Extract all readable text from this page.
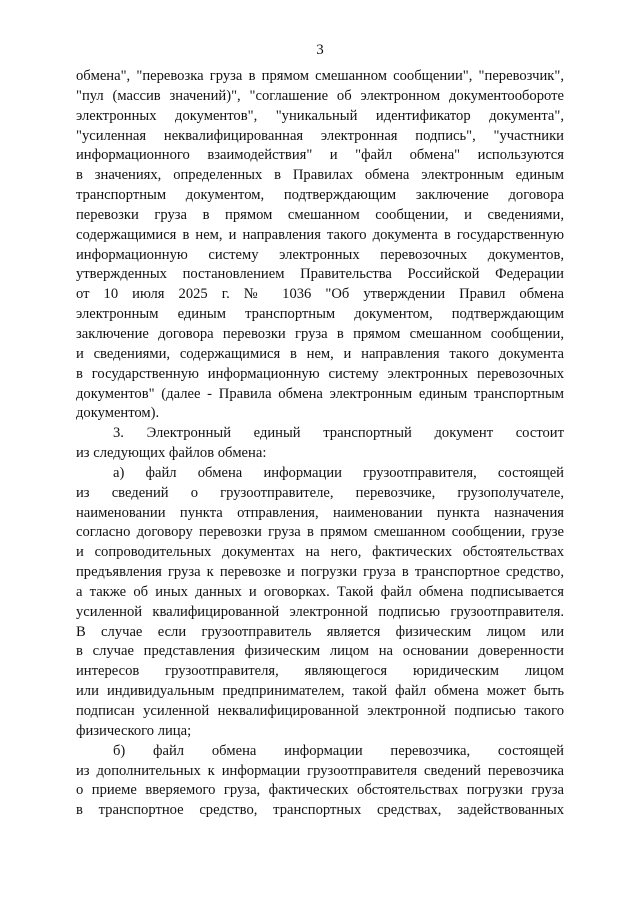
3
обмена", "перевозка груза в прямом смешанном сообщении", "перевозчик",
"пул (массив значений)", "соглашение об электронном документообороте
электронных документов", "уникальный идентификатор документа",
"усиленная неквалифицированная электронная подпись", "участники
информационного взаимодействия" и "файл обмена" используются
в значениях, определенных в Правилах обмена электронным единым
транспортным документом, подтверждающим заключение договора
перевозки груза в прямом смешанном сообщении, и сведениями,
содержащимися в нем, и направления такого документа в государственную
информационную систему электронных перевозочных документов,
утвержденных постановлением Правительства Российской Федерации
от 10 июля 2025 г. № 1036 "Об утверждении Правил обмена
электронным единым транспортным документом, подтверждающим
заключение договора перевозки груза в прямом смешанном сообщении,
и сведениями, содержащимися в нем, и направления такого документа
в государственную информационную систему электронных перевозочных
документов" (далее - Правила обмена электронным единым транспортным
документом).
3. Электронный единый транспортный документ состоит
из следующих файлов обмена:
а) файл обмена информации грузоотправителя, состоящей
из сведений о грузоотправителе, перевозчике, грузополучателе,
наименовании пункта отправления, наименовании пункта назначения
согласно договору перевозки груза в прямом смешанном сообщении, грузе
и сопроводительных документах на него, фактических обстоятельствах
предъявления груза к перевозке и погрузки груза в транспортное средство,
а также об иных данных и оговорках. Такой файл обмена подписывается
усиленной квалифицированной электронной подписью грузоотправителя.
В случае если грузоотправитель является физическим лицом или
в случае представления физическим лицом на основании доверенности
интересов грузоотправителя, являющегося юридическим лицом
или индивидуальным предпринимателем, такой файл обмена может быть
подписан усиленной неквалифицированной электронной подписью такого
физического лица;
б) файл обмена информации перевозчика, состоящей
из дополнительных к информации грузоотправителя сведений перевозчика
о приеме вверяемого груза, фактических обстоятельствах погрузки груза
в транспортное средство, транспортных средствах, задействованных
